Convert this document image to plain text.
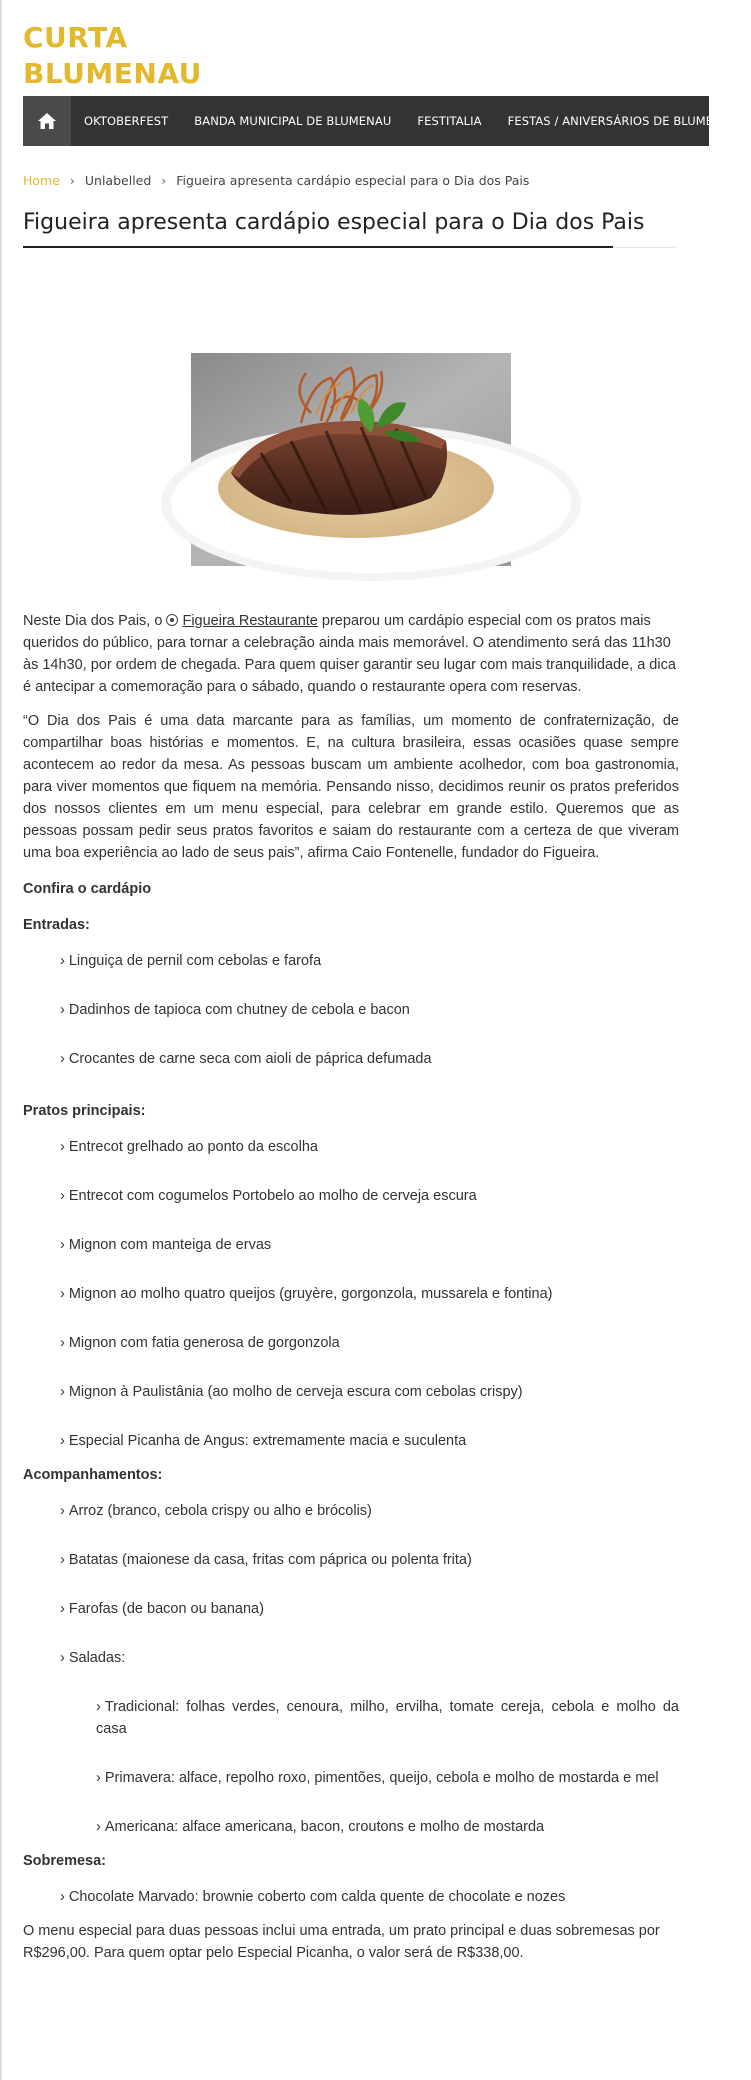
CURTA
BLUMENAU
OKTOBERFEST	BANDA MUNICIPAL DE BLUMENAU	FESTITALIA	FESTAS / ANIVERSÁRIOS DE BLUMENAU
Home › Unlabelled › Figueira apresenta cardápio especial para o Dia dos Pais
Figueira apresenta cardápio especial para o Dia dos Pais

Neste Dia dos Pais, o Figueira Restaurante preparou um cardápio especial com os pratos mais queridos do público, para tornar a celebração ainda mais memorável. O atendimento será das 11h30 às 14h30, por ordem de chegada. Para quem quiser garantir seu lugar com mais tranquilidade, a dica é antecipar a comemoração para o sábado, quando o restaurante opera com reservas.

“O Dia dos Pais é uma data marcante para as famílias, um momento de confraternização, de compartilhar boas histórias e momentos. E, na cultura brasileira, essas ocasiões quase sempre acontecem ao redor da mesa. As pessoas buscam um ambiente acolhedor, com boa gastronomia, para viver momentos que fiquem na memória. Pensando nisso, decidimos reunir os pratos preferidos dos nossos clientes em um menu especial, para celebrar em grande estilo. Queremos que as pessoas possam pedir seus pratos favoritos e saiam do restaurante com a certeza de que viveram uma boa experiência ao lado de seus pais”, afirma Caio Fontenelle, fundador do Figueira.

Confira o cardápio
Entradas:
› Linguiça de pernil com cebolas e farofa
› Dadinhos de tapioca com chutney de cebola e bacon
› Crocantes de carne seca com aioli de páprica defumada
Pratos principais:
› Entrecot grelhado ao ponto da escolha
› Entrecot com cogumelos Portobelo ao molho de cerveja escura
› Mignon com manteiga de ervas
› Mignon ao molho quatro queijos (gruyère, gorgonzola, mussarela e fontina)
› Mignon com fatia generosa de gorgonzola
› Mignon à Paulistânia (ao molho de cerveja escura com cebolas crispy)
› Especial Picanha de Angus: extremamente macia e suculenta
Acompanhamentos:
› Arroz (branco, cebola crispy ou alho e brócolis)
› Batatas (maionese da casa, fritas com páprica ou polenta frita)
› Farofas (de bacon ou banana)
› Saladas:
› Tradicional: folhas verdes, cenoura, milho, ervilha, tomate cereja, cebola e molho da casa
› Primavera: alface, repolho roxo, pimentões, queijo, cebola e molho de mostarda e mel
› Americana: alface americana, bacon, croutons e molho de mostarda
Sobremesa:
› Chocolate Marvado: brownie coberto com calda quente de chocolate e nozes

O menu especial para duas pessoas inclui uma entrada, um prato principal e duas sobremesas por R$296,00. Para quem optar pelo Especial Picanha, o valor será de R$338,00.
